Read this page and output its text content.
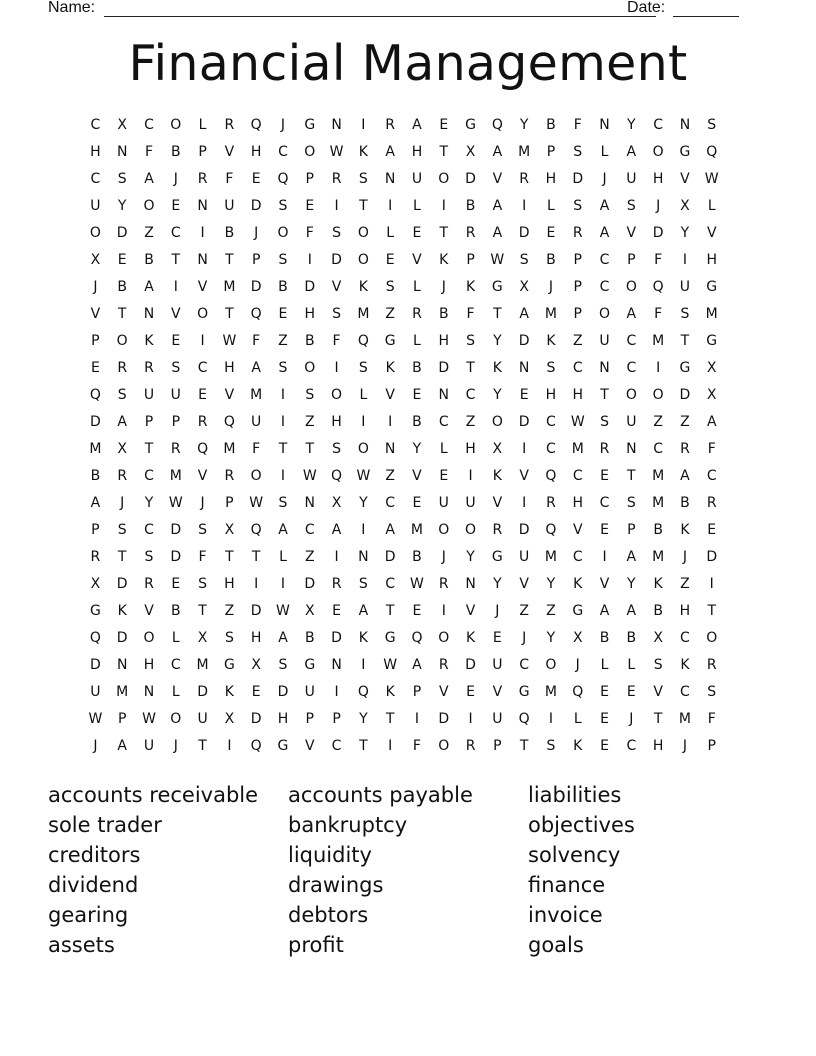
Name:	Date:
Financial Management
C	X	C	O	L	R	Q	J	G	N	I	R	A	E	G	Q	Y	B	F	N	Y	C	N	S
H	N	F	B	P	V	H	C	O	W	K	A	H	T	X	A	M	P	S	L	A	O	G	Q
C	S	A	J	R	F	E	Q	P	R	S	N	U	O	D	V	R	H	D	J	U	H	V	W
U	Y	O	E	N	U	D	S	E	I	T	I	L	I	B	A	I	L	S	A	S	J	X	L
O	D	Z	C	I	B	J	O	F	S	O	L	E	T	R	A	D	E	R	A	V	D	Y	V
X	E	B	T	N	T	P	S	I	D	O	E	V	K	P	W	S	B	P	C	P	F	I	H
J	B	A	I	V	M	D	B	D	V	K	S	L	J	K	G	X	J	P	C	O	Q	U	G
V	T	N	V	O	T	Q	E	H	S	M	Z	R	B	F	T	A	M	P	O	A	F	S	M
P	O	K	E	I	W	F	Z	B	F	Q	G	L	H	S	Y	D	K	Z	U	C	M	T	G
E	R	R	S	C	H	A	S	O	I	S	K	B	D	T	K	N	S	C	N	C	I	G	X
Q	S	U	U	E	V	M	I	S	O	L	V	E	N	C	Y	E	H	H	T	O	O	D	X
D	A	P	P	R	Q	U	I	Z	H	I	I	B	C	Z	O	D	C	W	S	U	Z	Z	A
M	X	T	R	Q	M	F	T	T	S	O	N	Y	L	H	X	I	C	M	R	N	C	R	F
B	R	C	M	V	R	O	I	W	Q	W	Z	V	E	I	K	V	Q	C	E	T	M	A	C
A	J	Y	W	J	P	W	S	N	X	Y	C	E	U	U	V	I	R	H	C	S	M	B	R
P	S	C	D	S	X	Q	A	C	A	I	A	M	O	O	R	D	Q	V	E	P	B	K	E
R	T	S	D	F	T	T	L	Z	I	N	D	B	J	Y	G	U	M	C	I	A	M	J	D
X	D	R	E	S	H	I	I	D	R	S	C	W	R	N	Y	V	Y	K	V	Y	K	Z	I
G	K	V	B	T	Z	D	W	X	E	A	T	E	I	V	J	Z	Z	G	A	A	B	H	T
Q	D	O	L	X	S	H	A	B	D	K	G	Q	O	K	E	J	Y	X	B	B	X	C	O
D	N	H	C	M	G	X	S	G	N	I	W	A	R	D	U	C	O	J	L	L	S	K	R
U	M	N	L	D	K	E	D	U	I	Q	K	P	V	E	V	G	M	Q	E	E	V	C	S
W	P	W	O	U	X	D	H	P	P	Y	T	I	D	I	U	Q	I	L	E	J	T	M	F
J	A	U	J	T	I	Q	G	V	C	T	I	F	O	R	P	T	S	K	E	C	H	J	P
accounts receivable	accounts payable	liabilities
sole trader	bankruptcy	objectives
creditors	liquidity	solvency
dividend	drawings	finance
gearing	debtors	invoice
assets	profit	goals
